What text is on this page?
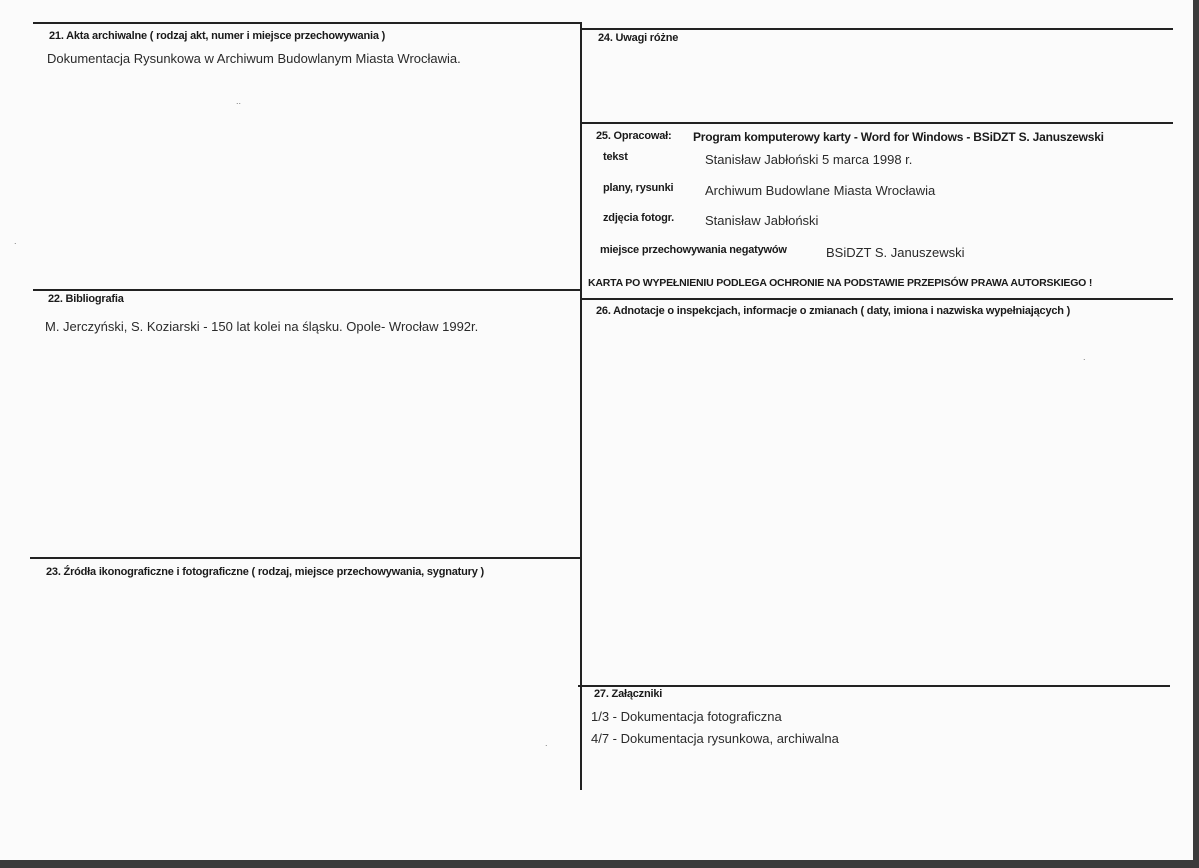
21. Akta archiwalne ( rodzaj akt, numer i miejsce przechowywania )
Dokumentacja Rysunkowa w Archiwum Budowlanym Miasta Wrocławia.
22. Bibliografia
M. Jerczyński, S. Koziarski - 150 lat kolei na śląsku. Opole- Wrocław 1992r.
23. Źródła ikonograficzne i fotograficzne ( rodzaj, miejsce przechowywania, sygnatury )
24. Uwagi różne
25. Opracował: Program komputerowy karty - Word for Windows - BSiDZT S. Januszewski
tekst	Stanisław Jabłoński 5 marca 1998 r.
plany, rysunki Archiwum Budowlane Miasta Wrocławia
zdjęcia fotogr. Stanisław Jabłoński
miejsce przechowywania negatywów	BSiDZT S. Januszewski
KARTA PO WYPEŁNIENIU PODLEGA OCHRONIE NA PODSTAWIE PRZEPISÓW PRAWA AUTORSKIEGO !
26. Adnotacje o inspekcjach, informacje o zmianach ( daty, imiona i nazwiska wypełniających )
27. Załączniki
1/3 - Dokumentacja fotograficzna
4/7 - Dokumentacja rysunkowa, archiwalna
..
.
.
.
